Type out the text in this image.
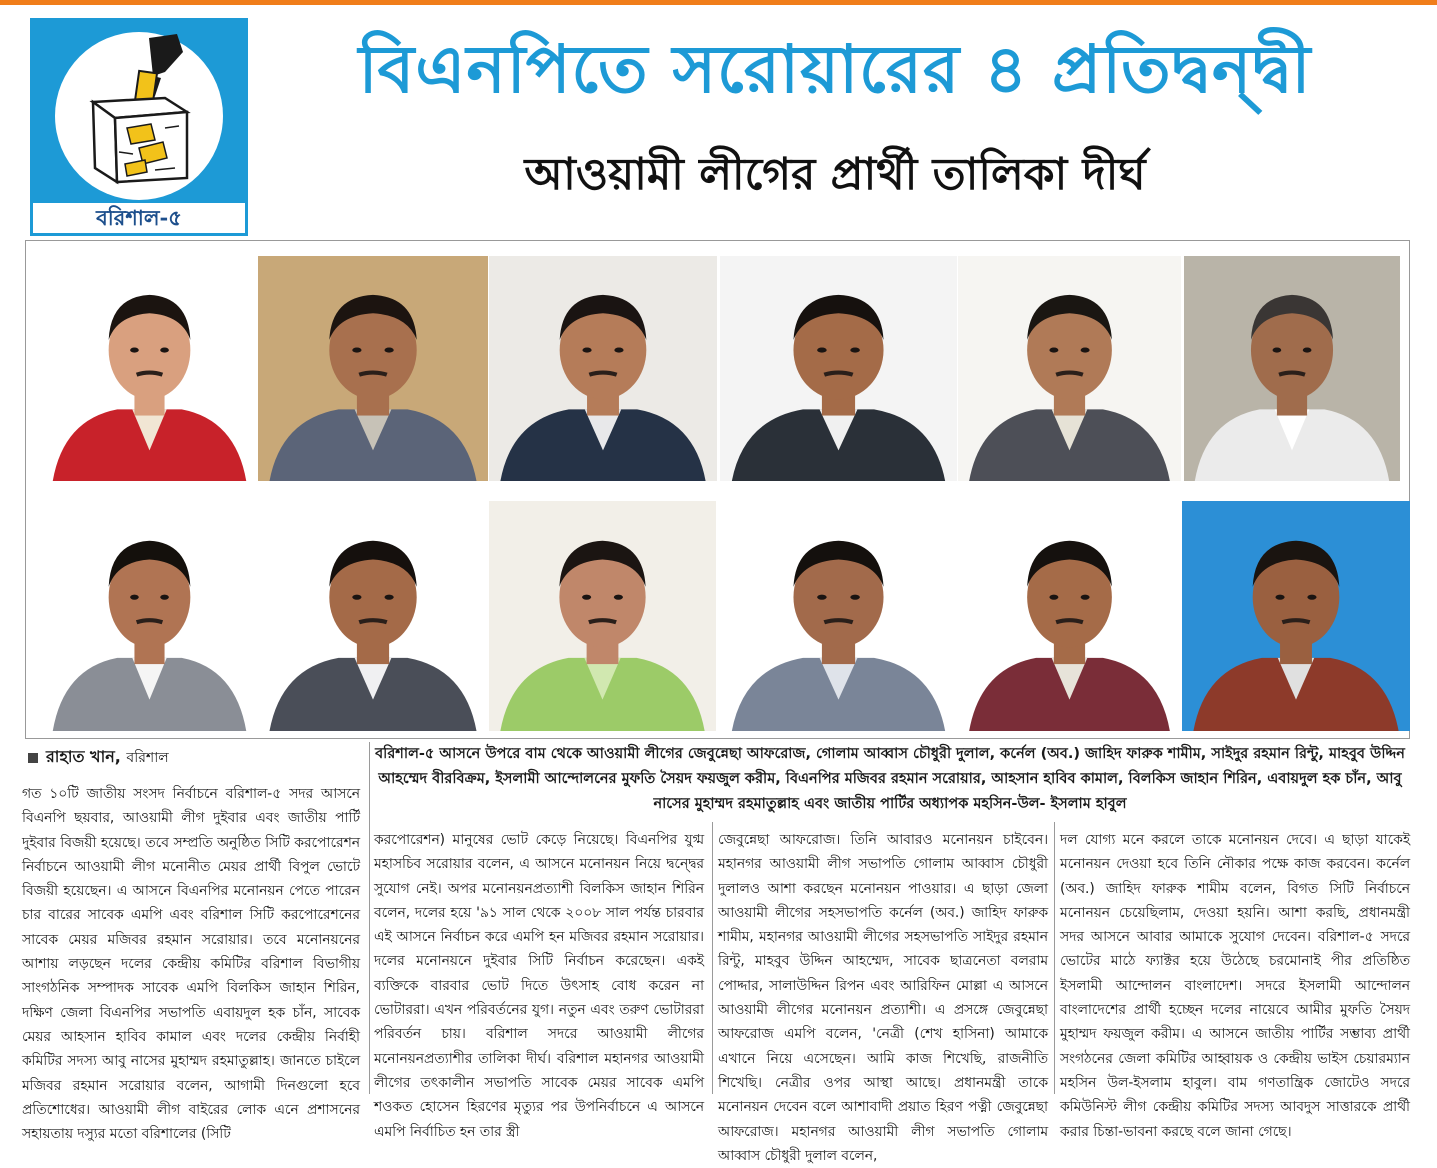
বরিশাল-৫
বিএনপিতে সরোয়ারের ৪ প্রতিদ্বন্দ্বী
আওয়ামী লীগের প্রার্থী তালিকা দীর্ঘ
রাহাত খান, বরিশাল	বরিশাল-৫ আসনে উপরে বাম থেকে আওয়ামী লীগের জেবুন্নেছা আফরোজ, গোলাম আব্বাস চৌধুরী দুলাল, কর্নেল (অব.) জাহিদ ফারুক শামীম, সাইদুর রহমান রিন্টু, মাহবুব উদ্দিন আহম্মেদ বীরবিক্রম, ইসলামী আন্দোলনের মুফতি সৈয়দ ফয়জুল করীম, বিএনপির মজিবর রহমান সরোয়ার, আহসান হাবিব কামাল, বিলকিস জাহান শিরিন, এবায়দুল হক চাঁন, আবু নাসের মুহাম্মদ রহমাতুল্লাহ এবং জাতীয় পার্টির অধ্যাপক মহসিন-উল- ইসলাম হাবুল

গত ১০টি জাতীয় সংসদ নির্বাচনে বরিশাল-৫ সদর আসনে বিএনপি ছয়বার, আওয়ামী লীগ দুইবার এবং জাতীয় পার্টি দুইবার বিজয়ী হয়েছে। তবে সম্প্রতি অনুষ্ঠিত সিটি করপোরেশন নির্বাচনে আওয়ামী লীগ মনোনীত মেয়র প্রার্থী বিপুল ভোটে বিজয়ী হয়েছেন। এ আসনে বিএনপির মনোনয়ন পেতে পারেন চার বারের সাবেক এমপি এবং বরিশাল সিটি করপোরেশনের সাবেক মেয়র মজিবর রহমান সরোয়ার। তবে মনোনয়নের আশায় লড়ছেন দলের কেন্দ্রীয় কমিটির বরিশাল বিভাগীয় সাংগঠনিক সম্পাদক সাবেক এমপি বিলকিস জাহান শিরিন, দক্ষিণ জেলা বিএনপির সভাপতি এবায়দুল হক চাঁন, সাবেক মেয়র আহসান হাবিব কামাল এবং দলের কেন্দ্রীয় নির্বাহী কমিটির সদস্য আবু নাসের মুহাম্মদ রহমাতুল্লাহ। জানতে চাইলে মজিবর রহমান সরোয়ার বলেন, আগামী দিনগুলো হবে প্রতিশোধের। আওয়ামী লীগ বাইরের লোক এনে প্রশাসনের সহায়তায় দস্যুর মতো বরিশালের (সিটি

করপোরেশন) মানুষের ভোট কেড়ে নিয়েছে। বিএনপির যুগ্ম মহাসচিব সরোয়ার বলেন, এ আসনে মনোনয়ন নিয়ে দ্বন্দ্বের সুযোগ নেই। অপর মনোনয়নপ্রত্যাশী বিলকিস জাহান শিরিন বলেন, দলের হয়ে '৯১ সাল থেকে ২০০৮ সাল পর্যন্ত চারবার এই আসনে নির্বাচন করে এমপি হন মজিবর রহমান সরোয়ার। দলের মনোনয়নে দুইবার সিটি নির্বাচন করেছেন। একই ব্যক্তিকে বারবার ভোট দিতে উৎসাহ বোধ করেন না ভোটাররা। এখন পরিবর্তনের যুগ। নতুন এবং তরুণ ভোটাররা পরিবর্তন চায়। বরিশাল সদরে আওয়ামী লীগের মনোনয়নপ্রত্যাশীর তালিকা দীর্ঘ। বরিশাল মহানগর আওয়ামী লীগের তৎকালীন সভাপতি সাবেক মেয়র সাবেক এমপি শওকত হোসেন হিরণের মৃত্যুর পর উপনির্বাচনে এ আসনে এমপি নির্বাচিত হন তার স্ত্রী

জেবুন্নেছা আফরোজ। তিনি আবারও মনোনয়ন চাইবেন। মহানগর আওয়ামী লীগ সভাপতি গোলাম আব্বাস চৌধুরী দুলালও আশা করছেন মনোনয়ন পাওয়ার। এ ছাড়া জেলা আওয়ামী লীগের সহসভাপতি কর্নেল (অব.) জাহিদ ফারুক শামীম, মহানগর আওয়ামী লীগের সহসভাপতি সাইদুর রহমান রিন্টু, মাহবুব উদ্দিন আহম্মেদ, সাবেক ছাত্রনেতা বলরাম পোদ্দার, সালাউদ্দিন রিপন এবং আরিফিন মোল্লা এ আসনে আওয়ামী লীগের মনোনয়ন প্রত্যাশী। এ প্রসঙ্গে জেবুন্নেছা আফরোজ এমপি বলেন, 'নেত্রী (শেখ হাসিনা) আমাকে এখানে নিয়ে এসেছেন। আমি কাজ শিখেছি, রাজনীতি শিখেছি। নেত্রীর ওপর আস্থা আছে। প্রধানমন্ত্রী তাকে মনোনয়ন দেবেন বলে আশাবাদী প্রয়াত হিরণ পত্নী জেবুন্নেছা আফরোজ। মহানগর আওয়ামী লীগ সভাপতি গোলাম আব্বাস চৌধুরী দুলাল বলেন,

দল যোগ্য মনে করলে তাকে মনোনয়ন দেবে। এ ছাড়া যাকেই মনোনয়ন দেওয়া হবে তিনি নৌকার পক্ষে কাজ করবেন। কর্নেল (অব.) জাহিদ ফারুক শামীম বলেন, বিগত সিটি নির্বাচনে মনোনয়ন চেয়েছিলাম, দেওয়া হয়নি। আশা করছি, প্রধানমন্ত্রী সদর আসনে আবার আমাকে সুযোগ দেবেন। বরিশাল-৫ সদরে ভোটের মাঠে ফ্যাক্টর হয়ে উঠেছে চরমোনাই পীর প্রতিষ্ঠিত ইসলামী আন্দোলন বাংলাদেশ। সদরে ইসলামী আন্দোলন বাংলাদেশের প্রার্থী হচ্ছেন দলের নায়েবে আমীর মুফতি সৈয়দ মুহাম্মদ ফয়জুল করীম। এ আসনে জাতীয় পার্টির সম্ভাব্য প্রার্থী সংগঠনের জেলা কমিটির আহ্বায়ক ও কেন্দ্রীয় ভাইস চেয়ারম্যান মহসিন উল-ইসলাম হাবুল। বাম গণতান্ত্রিক জোটেও সদরে কমিউনিস্ট লীগ কেন্দ্রীয় কমিটির সদস্য আবদুস সাত্তারকে প্রার্থী করার চিন্তা-ভাবনা করছে বলে জানা গেছে।
